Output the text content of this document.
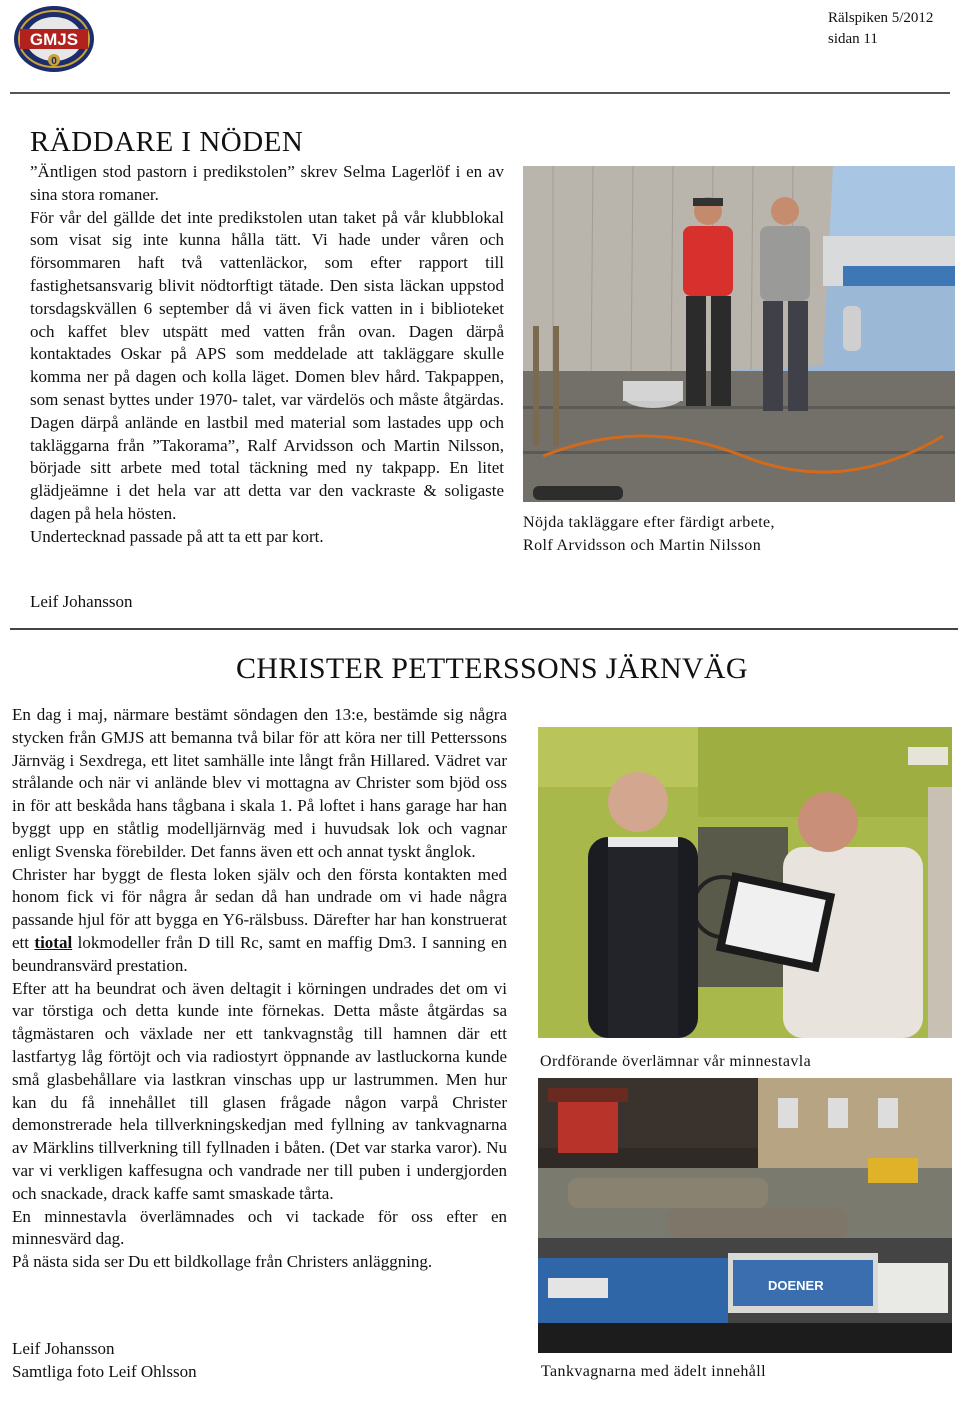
GMJS
0
Rälspiken 5/2012
sidan 11
RÄDDARE I NÖDEN

”Äntligen stod pastorn i predikstolen” skrev Selma Lagerlöf i en av sina stora romaner.

För vår del gällde det inte predikstolen utan taket på vår klubblokal som visat sig inte kunna hålla tätt. Vi hade under våren och försommaren haft två vattenläckor, som efter rapport till fastighetsansvarig blivit nödtorftigt tätade. Den sista läckan uppstod torsdagskvällen 6 september då vi även fick vatten in i biblioteket och kaffet blev utspätt med vatten från ovan. Dagen därpå kontaktades Oskar på APS som meddelade att takläggare skulle komma ner på dagen och kolla läget. Domen blev hård. Takpappen, som senast byttes under 1970- talet, var värdelös och måste åtgärdas. Dagen därpå anlände en lastbil med material som lastades upp och takläggarna från ”Takorama”, Ralf Arvidsson och Martin Nilsson, började sitt arbete med total täckning med ny takpapp. En litet glädjeämne i det hela var att detta var den vackraste & soligaste dagen på hela hösten.

Undertecknad passade på att ta ett par kort.

Nöjda takläggare efter färdigt arbete,
Rolf Arvidsson och Martin Nilsson
Leif Johansson
CHRISTER PETTERSSONS JÄRNVÄG

En dag i maj, närmare bestämt söndagen den 13:e, bestämde sig några stycken från GMJS att bemanna två bilar för att köra ner till Petterssons Järnväg i Sexdrega, ett litet samhälle inte långt från Hillared. Vädret var strålande och när vi anlände blev vi mottagna av Christer som bjöd oss in för att beskåda hans tågbana i skala 1. På loftet i hans garage har han byggt upp en ståtlig modelljärnväg med i huvudsak lok och vagnar enligt Svenska förebilder. Det fanns även ett och annat tyskt ånglok.

Christer har byggt de flesta loken själv och den första kontakten med honom fick vi för några år sedan då han undrade om vi hade några passande hjul för att bygga en Y6-rälsbuss. Därefter har han konstruerat ett tiotal lokmodeller från D till Rc, samt en maffig Dm3. I sanning en beundransvärd prestation.

Efter att ha beundrat och även deltagit i körningen undrades det om vi var törstiga och detta kunde inte förnekas. Detta måste åtgärdas sa tågmästaren och växlade ner ett tankvagnståg till hamnen där ett lastfartyg låg förtöjt och via radiostyrt öppnande av lastluckorna kunde små glasbehållare via lastkran vinschas upp ur lastrummen. Men hur kan du få innehållet till glasen frågade någon varpå Christer demonstrerade hela tillverkningskedjan med fyllning av tankvagnarna av Märklins tillverkning till fyllnaden i båten. (Det var starka varor). Nu var vi verkligen kaffesugna och vandrade ner till puben i undergjorden och snackade, drack kaffe samt smaskade tårta.

En minnestavla överlämnades och vi tackade för oss efter en minnesvärd dag.

På nästa sida ser Du ett bildkollage från Christers anläggning.

Ordförande överlämnar vår minnestavla
DOENER
Tankvagnarna med ädelt innehåll
Leif Johansson
Samtliga foto Leif Ohlsson
